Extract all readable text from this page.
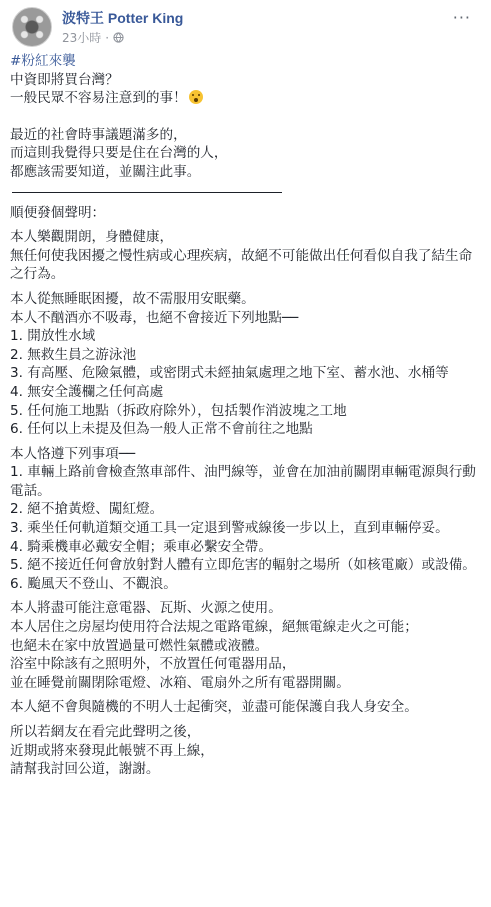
波特王 Potter King
23小時 ·
···
#粉紅來襲
中資即將買台灣？
一般民眾不容易注意到的事！
最近的社會時事議題滿多的，
而這則我覺得只要是住在台灣的人，
都應該需要知道，並關注此事。
順便發個聲明：
本人樂觀開朗，身體健康，
無任何使我困擾之慢性病或心理疾病，故絕不可能做出任何看似自我了結生命之行為。
本人從無睡眠困擾，故不需服用安眠藥。
本人不酗酒亦不吸毒，也絕不會接近下列地點──
1. 開放性水域
2. 無救生員之游泳池
3. 有高壓、危險氣體，或密閉式未經抽氣處理之地下室、蓄水池、水桶等
4. 無安全護欄之任何高處
5. 任何施工地點（拆政府除外），包括製作消波塊之工地
6. 任何以上未提及但為一般人正常不會前往之地點
本人恪遵下列事項──
1. 車輛上路前會檢查煞車部件、油門線等，並會在加油前關閉車輛電源與行動電話。
2. 絕不搶黃燈、闖紅燈。
3. 乘坐任何軌道類交通工具一定退到警戒線後一步以上，直到車輛停妥。
4. 騎乘機車必戴安全帽；乘車必繫安全帶。
5. 絕不接近任何會放射對人體有立即危害的輻射之場所（如核電廠）或設備。
6. 颱風天不登山、不觀浪。
本人將盡可能注意電器、瓦斯、火源之使用。
本人居住之房屋均使用符合法規之電路電線，絕無電線走火之可能；
也絕未在家中放置過量可燃性氣體或液體。
浴室中除該有之照明外，不放置任何電器用品，
並在睡覺前關閉除電燈、冰箱、電扇外之所有電器開關。
本人絕不會與隨機的不明人士起衝突，並盡可能保護自我人身安全。
所以若網友在看完此聲明之後，
近期或將來發現此帳號不再上線，
請幫我討回公道，謝謝。
